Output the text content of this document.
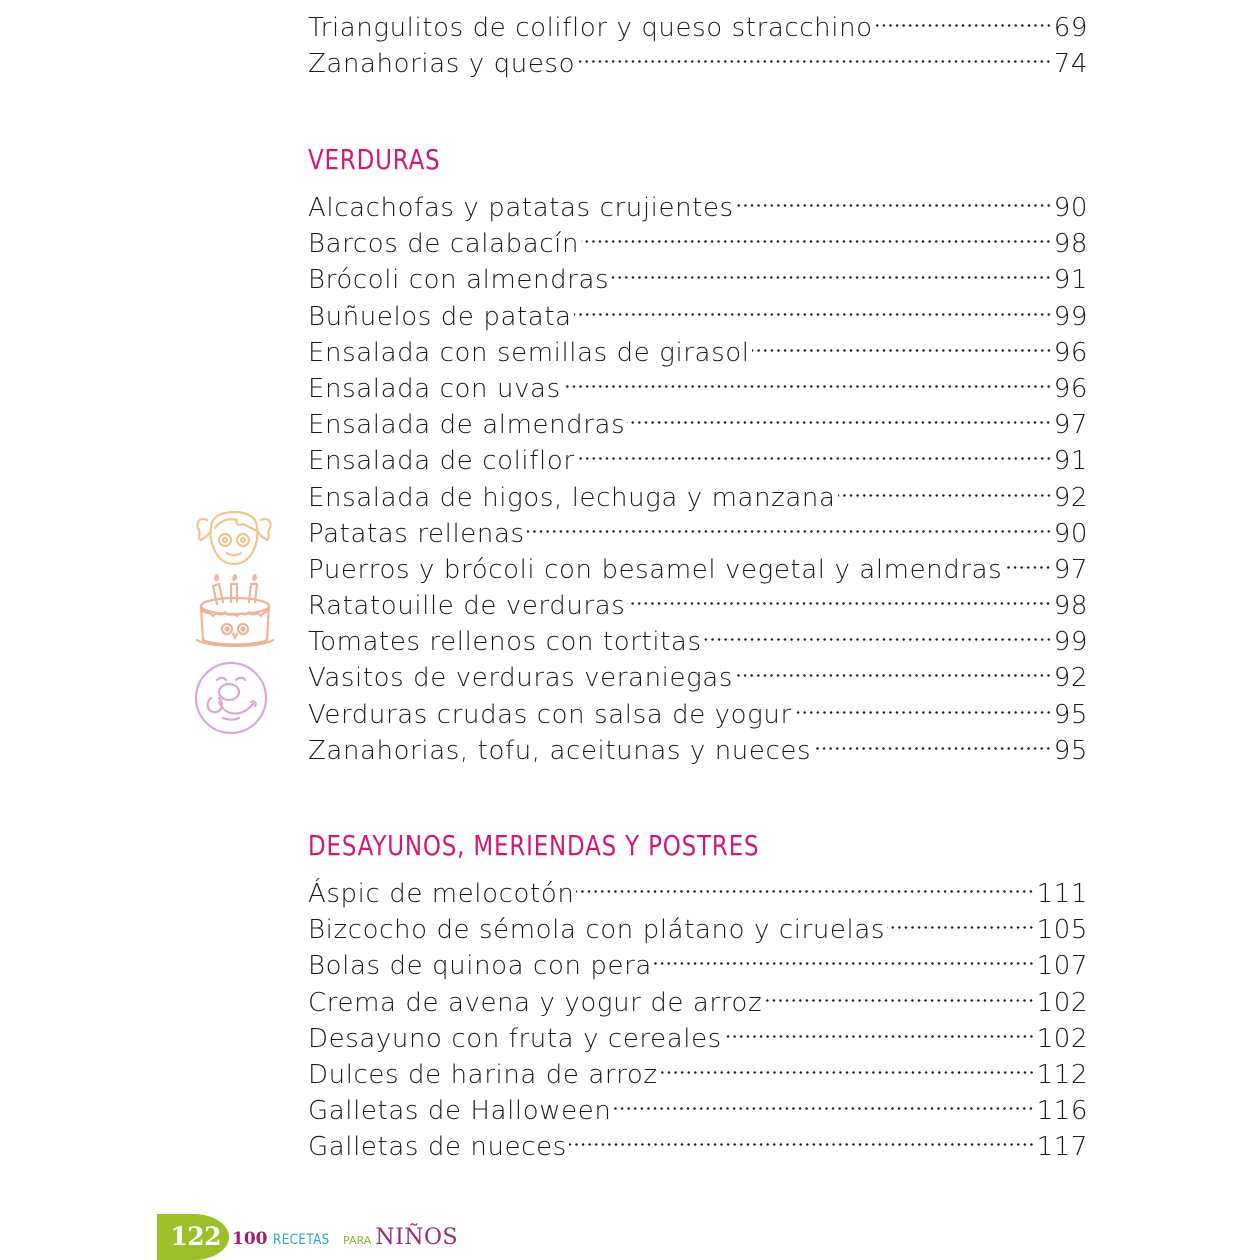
Triangulitos de coliflor y queso stracchino	69
Zanahorias y queso	74
VERDURAS
Alcachofas y patatas crujientes	90
Barcos de calabacín	98
Brócoli con almendras	91
Buñuelos de patata	99
Ensalada con semillas de girasol	96
Ensalada con uvas	96
Ensalada de almendras	97
Ensalada de coliflor	91
Ensalada de higos, lechuga y manzana	92
Patatas rellenas	90
Puerros y brócoli con besamel vegetal y almendras 97
Ratatouille de verduras	98
Tomates rellenos con tortitas	99
Vasitos de verduras veraniegas	92
Verduras crudas con salsa de yogur	95
Zanahorias, tofu, aceitunas y nueces	95
DESAYUNOS, MERIENDAS Y POSTRES
Áspic de melocotón	111
Bizcocho de sémola con plátano y ciruelas	105
Bolas de quinoa con pera	107
Crema de avena y yogur de arroz	102
Desayuno con fruta y cereales	102
Dulces de harina de arroz	112
Galletas de Halloween	116
Galletas de nueces	117
122 100 RECETAS PARA NIÑOS
